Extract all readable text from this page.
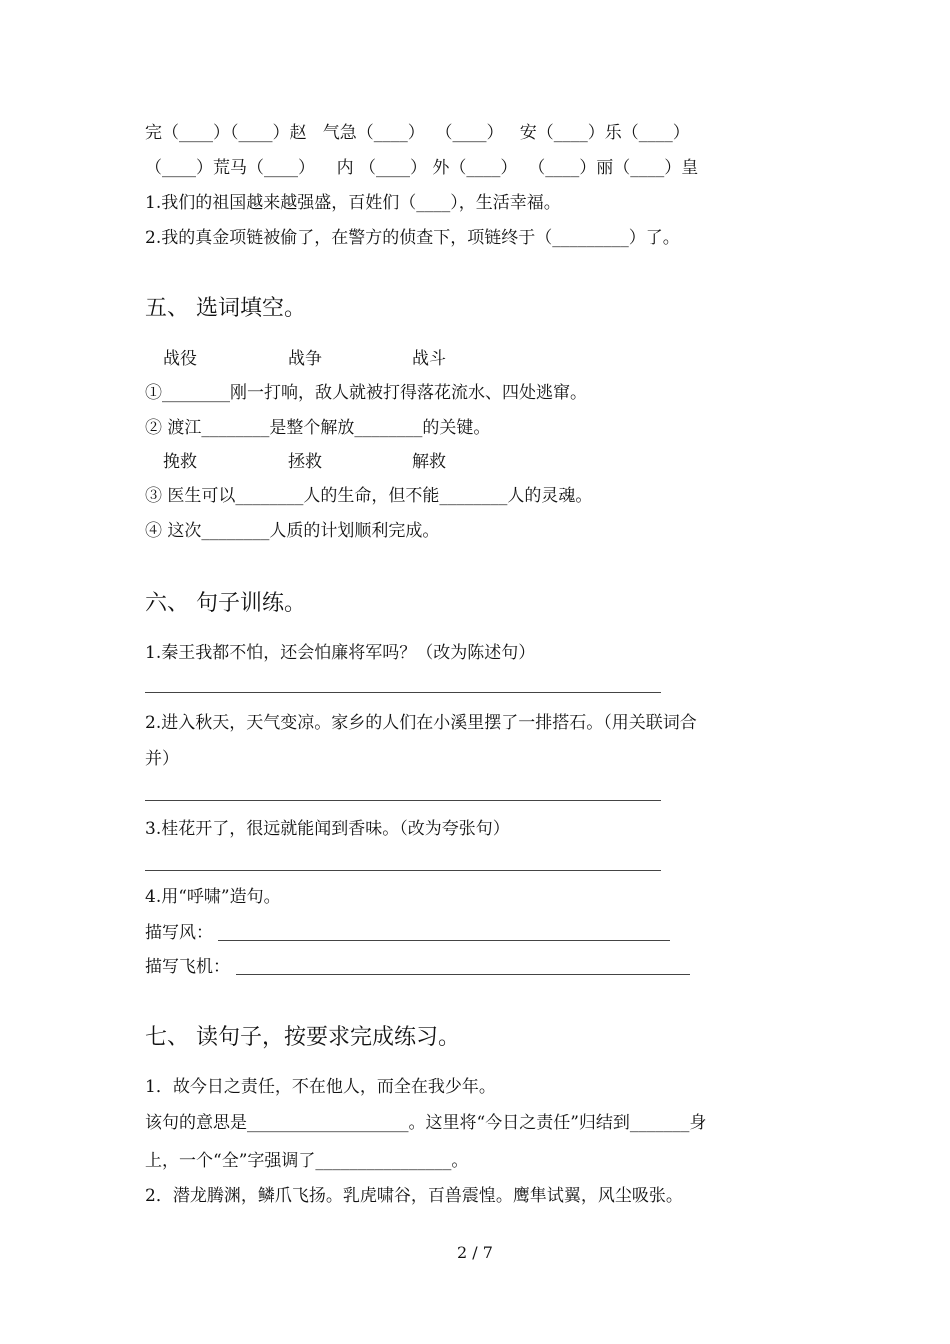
完（____）（____）赵   气急（____）  （____）   安（____）乐（____）
（____）荒马（____）    内 （____） 外（____）  （____）丽（____）皇
1.我们的祖国越来越强盛，百姓们（____），生活幸福。
2.我的真金项链被偷了，在警方的侦查下，项链终于（_________）了。
五、 选词填空。
战役	战争	战斗
①________刚一打响，敌人就被打得落花流水、四处逃窜。
② 渡江________是整个解放________的关键。
挽救	拯救	解救
③ 医生可以________人的生命，但不能________人的灵魂。
④ 这次________人质的计划顺利完成。
六、 句子训练。
1.秦王我都不怕，还会怕廉将军吗？（改为陈述句）
2.进入秋天，天气变凉。家乡的人们在小溪里摆了一排搭石。（用关联词合
并）
3.桂花开了，很远就能闻到香味。（改为夸张句）
4.用“呼啸”造句。
描写风：
描写飞机：
七、 读句子，按要求完成练习。
1．故今日之责任，不在他人，而全在我少年。
该句的意思是___________________。这里将“今日之责任”归结到_______身
上，一个“全”字强调了________________。
2．潜龙腾渊，鳞爪飞扬。乳虎啸谷，百兽震惶。鹰隼试翼，风尘吸张。
2 / 7
